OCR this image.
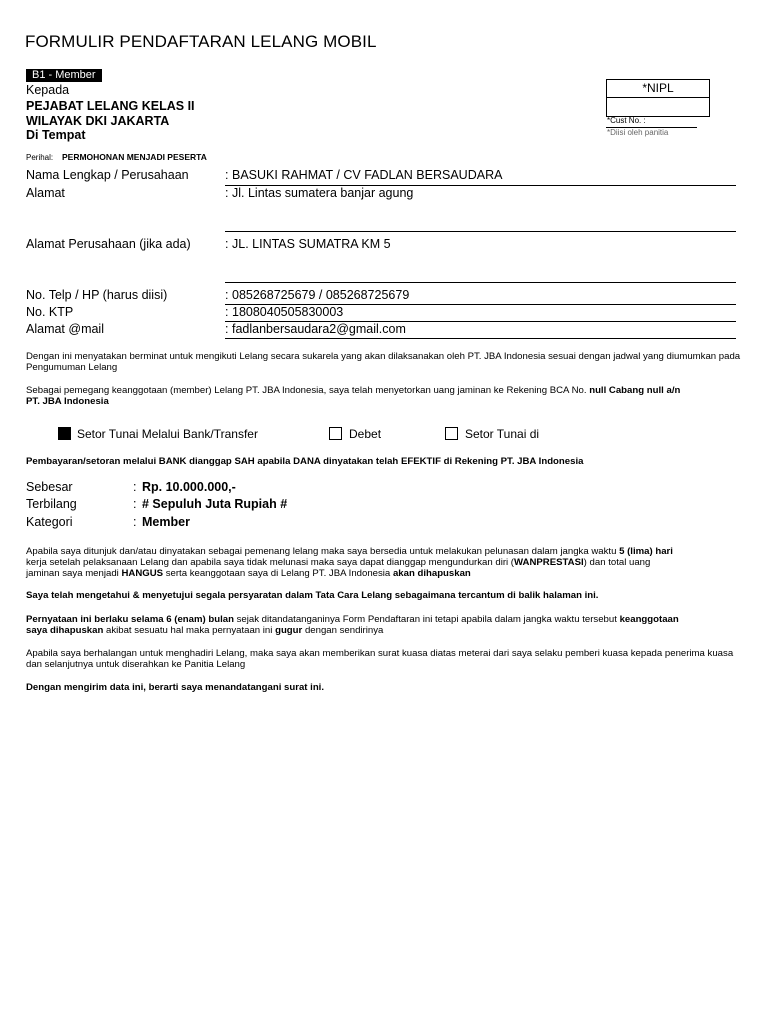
FORMULIR PENDAFTARAN LELANG MOBIL
B1 - Member
Kepada
PEJABAT LELANG KELAS II
WILAYAK DKI JAKARTA
Di Tempat
*NIPL
*Cust No. :
*Diisi oleh panitia
Perihal: PERMOHONAN MENJADI PESERTA
Nama Lengkap / Perusahaan	: BASUKI RAHMAT / CV FADLAN BERSAUDARA
Alamat	: Jl. Lintas sumatera banjar agung
Alamat Perusahaan (jika ada)	: JL. LINTAS SUMATRA KM 5
No. Telp / HP (harus diisi)	: 085268725679 / 085268725679
No. KTP	: 1808040505830003
Alamat @mail	: fadlanbersaudara2@gmail.com
Dengan ini menyatakan berminat untuk mengikuti Lelang secara sukarela yang akan dilaksanakan oleh PT. JBA Indonesia sesuai dengan jadwal yang diumumkan pada Pengumuman Lelang
Sebagai pemegang keanggotaan (member) Lelang PT. JBA Indonesia, saya telah menyetorkan uang jaminan ke Rekening BCA No. null Cabang null a/n
PT. JBA Indonesia
Setor Tunai Melalui Bank/Transfer	Debet	Setor Tunai di
Pembayaran/setoran melalui BANK dianggap SAH apabila DANA dinyatakan telah EFEKTIF di Rekening PT. JBA Indonesia
Sebesar	: Rp. 10.000.000,-
Terbilang	: # Sepuluh Juta Rupiah #
Kategori	: Member
Apabila saya ditunjuk dan/atau dinyatakan sebagai pemenang lelang maka saya bersedia untuk melakukan pelunasan dalam jangka waktu 5 (lima) hari
kerja setelah pelaksanaan Lelang dan apabila saya tidak melunasi maka saya dapat dianggap mengundurkan diri (WANPRESTASI) dan total uang
jaminan saya menjadi HANGUS serta keanggotaan saya di Lelang PT. JBA Indonesia akan dihapuskan
Saya telah mengetahui & menyetujui segala persyaratan dalam Tata Cara Lelang sebagaimana tercantum di balik halaman ini.
Pernyataan ini berlaku selama 6 (enam) bulan sejak ditandatanganinya Form Pendaftaran ini tetapi apabila dalam jangka waktu tersebut keanggotaan
saya dihapuskan akibat sesuatu hal maka pernyataan ini gugur dengan sendirinya
Apabila saya berhalangan untuk menghadiri Lelang, maka saya akan memberikan surat kuasa diatas meterai dari saya selaku pemberi kuasa kepada penerima kuasa dan selanjutnya untuk diserahkan ke Panitia Lelang
Dengan mengirim data ini, berarti saya menandatangani surat ini.
